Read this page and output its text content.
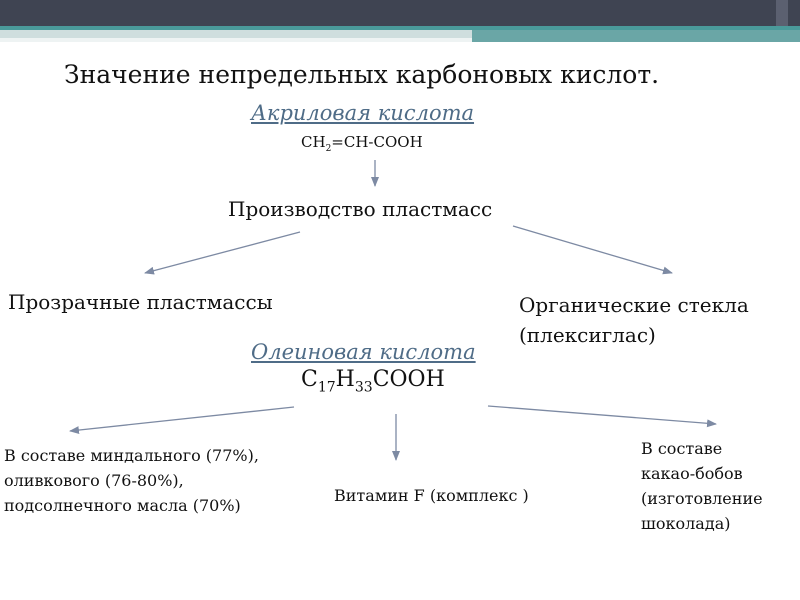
Значение непредельных карбоновых кислот.
Акриловая кислота
$CH_2=CH$-COOH
Производство пластмасс
Прозрачные пластмассы	Органические стекла
(плексиглас)
Олеиновая кислота
$C_{17}H_{33}COOH$
В составе миндального (77%),
оливкового (76-80%),
подсолнечного масла (70%)
Витамин F (комплекс )
В составе
какао-бобов
(изготовление
шоколада)
